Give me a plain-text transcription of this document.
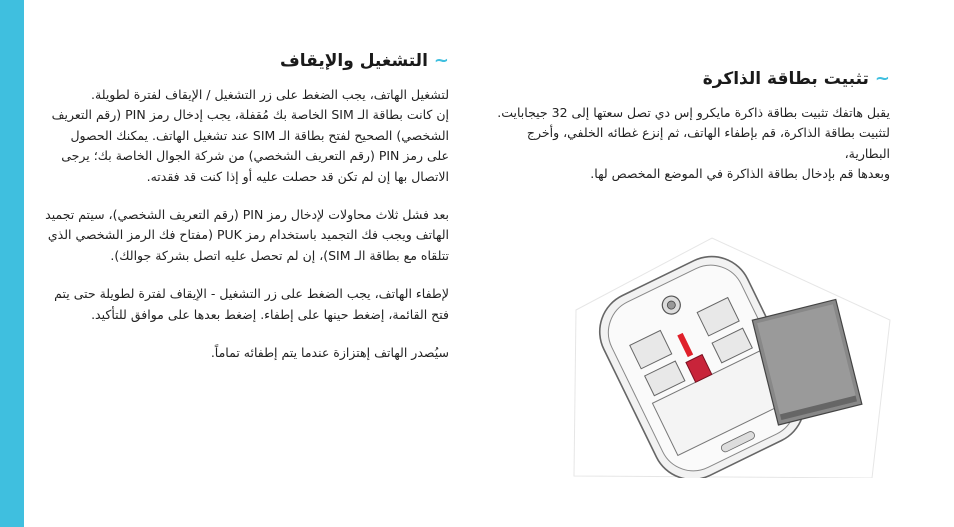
~
التشغيل والإيقاف

لتشغيل الهاتف، يجب الضغط على زر التشغيل / الإيقاف لفترة لطويلة.

إن كانت بطاقة الـ SIM الخاصة بك مُقفلة، يجب إدخال رمز PIN (رقم التعريف

الشخصي) الصحيح لفتح بطاقة الـ SIM عند تشغيل الهاتف. يمكنك الحصول

على رمز PIN (رقم التعريف الشخصي) من شركة الجوال الخاصة بك؛ يرجى

الاتصال بها إن لم تكن قد حصلت عليه أو إذا كنت قد فقدته.

بعد فشل ثلاث محاولات لإدخال رمز PIN (رقم التعريف الشخصي)، سيتم تجميد

الهاتف ويجب فك التجميد باستخدام رمز PUK (مفتاح فك الرمز الشخصي الذي

تتلقاه مع بطاقة الـ SIM)، إن لم تحصل عليه اتصل بشركة جوالك).

لإطفاء الهاتف، يجب الضغط على زر التشغيل - الإيقاف لفترة لطويلة حتى يتم

فتح القائمة، إضغط حينها على إطفاء. إضغط بعدها على موافق للتأكيد.

سيُصدر الهاتف إهتزازة عندما يتم إطفائه تماماً.

~
تثبيت بطاقة الذاكرة

يقبل هاتفك تثبيت بطاقة ذاكرة مايكرو إس دي تصل سعتها إلى 32 جيجابايت.

لتثبيت بطاقة الذاكرة، قم بإطفاء الهاتف، ثم إنزع غطائه الخلفي، وأخرج البطارية،

وبعدها قم بإدخال بطاقة الذاكرة في الموضع المخصص لها.
